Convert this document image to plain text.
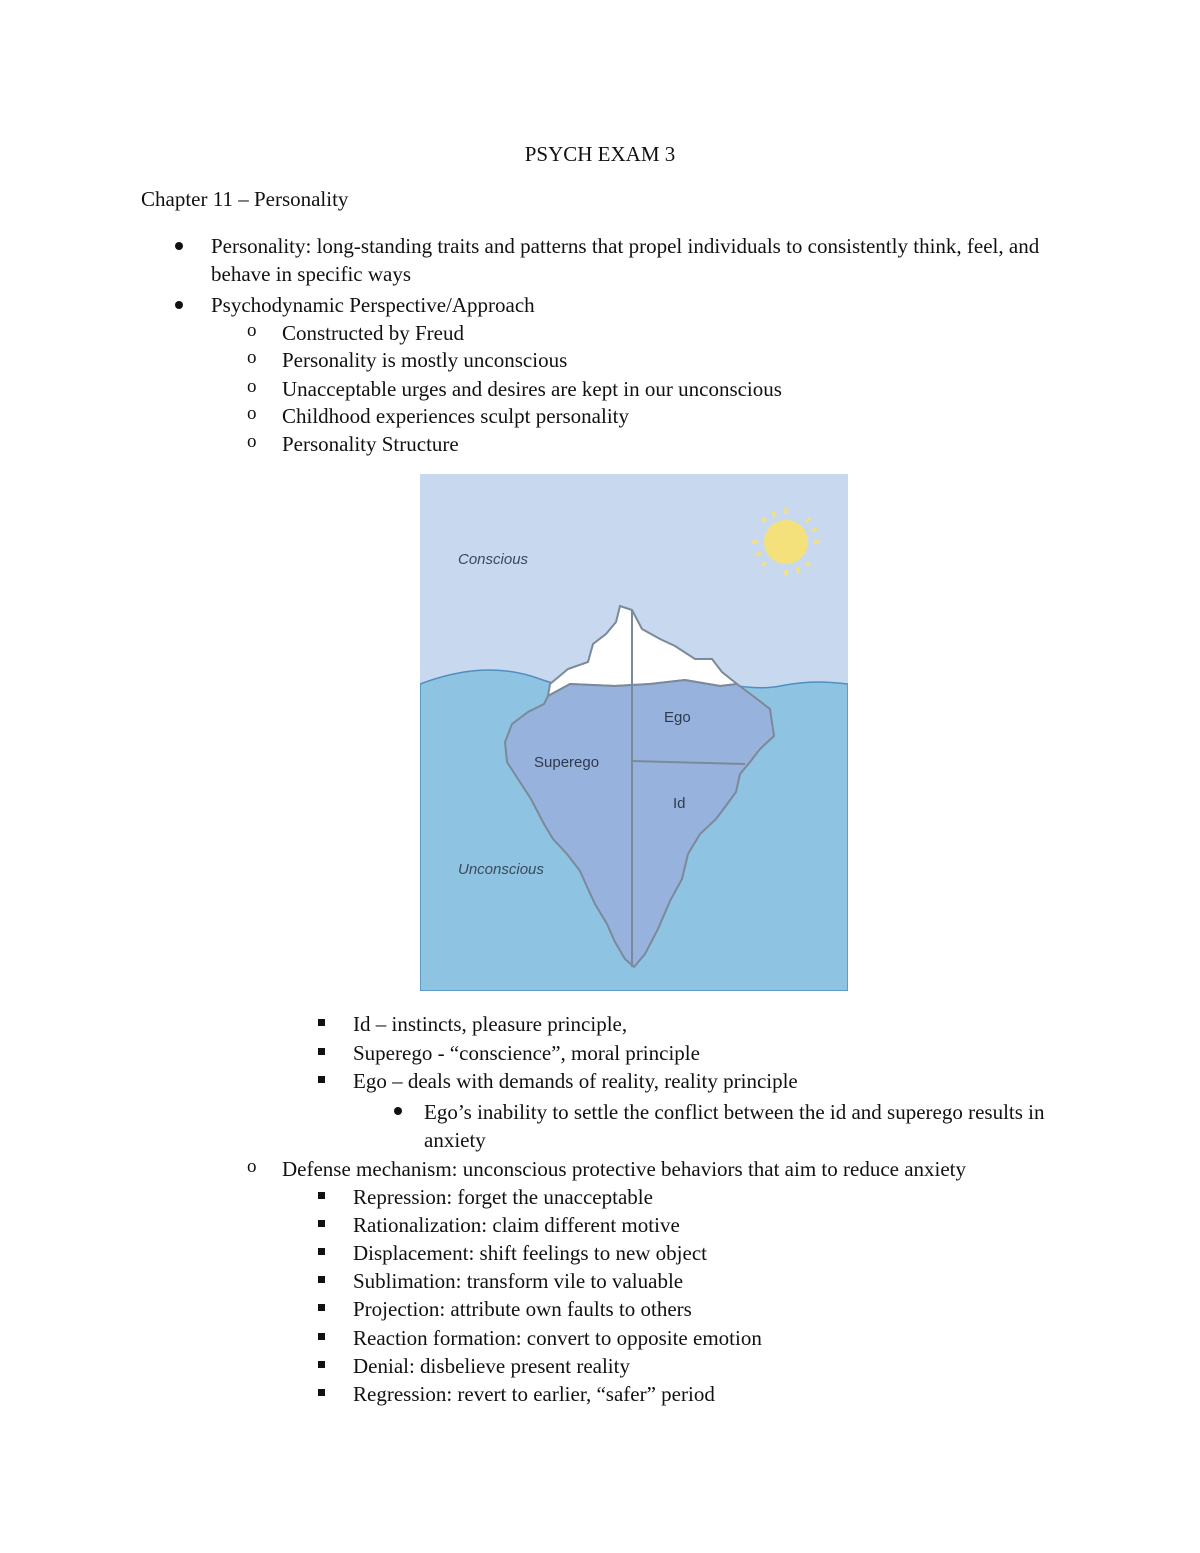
PSYCH EXAM 3
Chapter 11 – Personality
Personality: long-standing traits and patterns that propel individuals to consistently think, feel, and behave in specific ways
Psychodynamic Perspective/Approach
o Constructed by Freud
o Personality is mostly unconscious
o Unacceptable urges and desires are kept in our unconscious
o Childhood experiences sculpt personality
o Personality Structure
Conscious
Unconscious
Ego
Superego
Id
Id – instincts, pleasure principle,
Superego - “conscience”, moral principle
Ego – deals with demands of reality, reality principle
Ego’s inability to settle the conflict between the id and superego results in anxiety
o Defense mechanism: unconscious protective behaviors that aim to reduce anxiety
Repression: forget the unacceptable
Rationalization: claim different motive
Displacement: shift feelings to new object
Sublimation: transform vile to valuable
Projection: attribute own faults to others
Reaction formation: convert to opposite emotion
Denial: disbelieve present reality
Regression: revert to earlier, “safer” period
